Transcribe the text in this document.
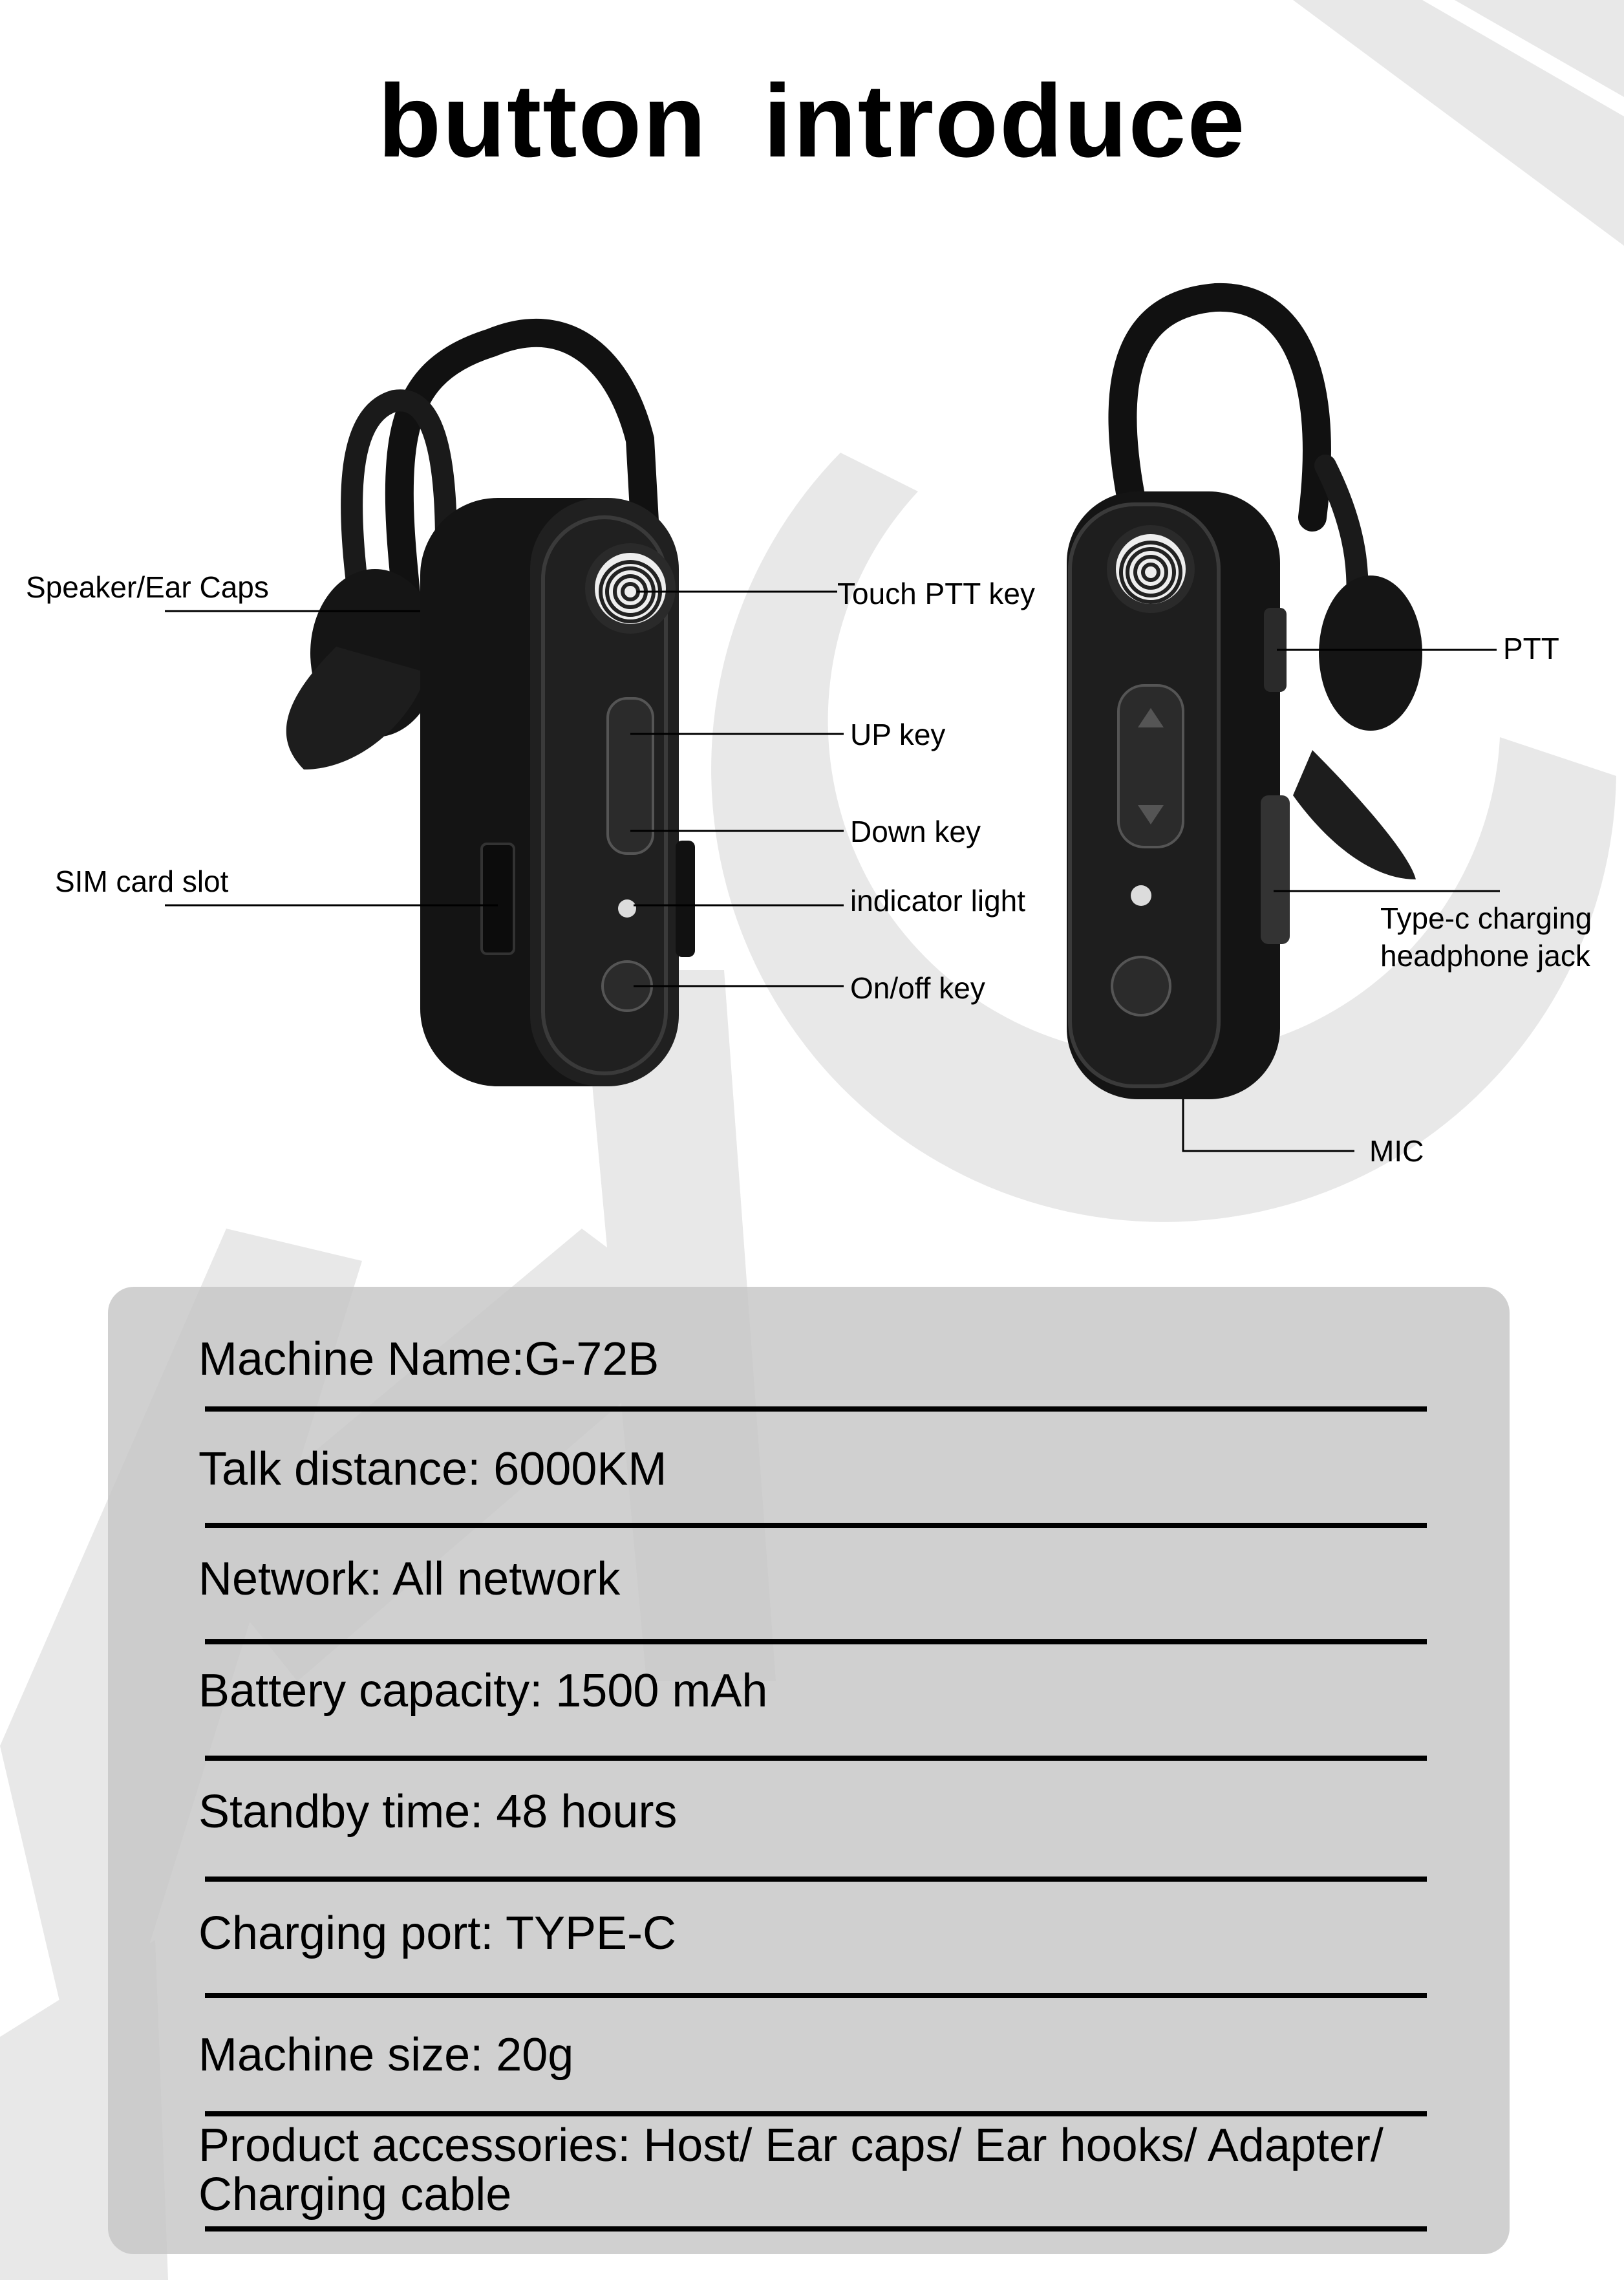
button introduce
Speaker/Ear Caps	Touch PTT key
UP key
Down key
SIM card slot
indicator light
On/off key
PTT
Type-c charging
headphone jack
MIC
Machine Name:G-72B
Talk distance: 6000KM
Network: All network
Battery capacity: 1500 mAh
Standby time: 48 hours
Charging port: TYPE-C
Machine size: 20g
Product accessories: Host/ Ear caps/ Ear hooks/ Adapter/ Charging cable
